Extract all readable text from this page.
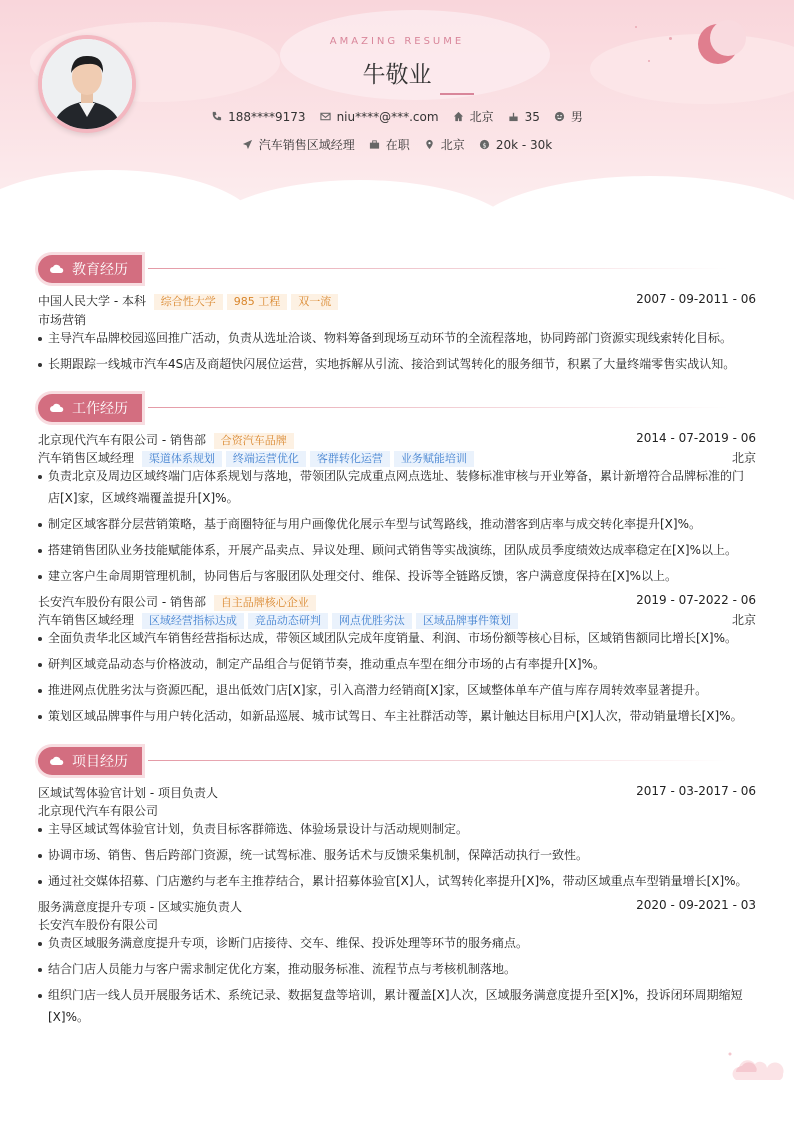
AMAZING RESUME
牛敬业
188****9173	niu****@***.com	北京	35	男
汽车销售区域经理	在职	北京 $ 20k - 30k
教育经历
中国人民大学 - 本科 综合性大学 985 工程 双一流	2007 - 09-2011 - 06
市场营销
主导汽车品牌校园巡回推广活动，负责从选址洽谈、物料筹备到现场互动环节的全流程落地，协同跨部门资源实现线索转化目标。
长期跟踪一线城市汽车4S店及商超快闪展位运营，实地拆解从引流、接洽到试驾转化的服务细节，积累了大量终端零售实战认知。
工作经历
北京现代汽车有限公司 - 销售部 合资汽车品牌	2014 - 07-2019 - 06
汽车销售区域经理 渠道体系规划 终端运营优化 客群转化运营 业务赋能培训	北京
负责北京及周边区域终端门店体系规划与落地，带领团队完成重点网点选址、装修标准审核与开业筹备，累计新增符合品牌标准的门
店[X]家，区域终端覆盖提升[X]%。
制定区域客群分层营销策略，基于商圈特征与用户画像优化展示车型与试驾路线，推动潜客到店率与成交转化率提升[X]%。
搭建销售团队业务技能赋能体系，开展产品卖点、异议处理、顾问式销售等实战演练，团队成员季度绩效达成率稳定在[X]%以上。
建立客户生命周期管理机制，协同售后与客服团队处理交付、维保、投诉等全链路反馈，客户满意度保持在[X]%以上。
长安汽车股份有限公司 - 销售部 自主品牌核心企业	2019 - 07-2022 - 06
汽车销售区域经理 区域经营指标达成 竞品动态研判 网点优胜劣汰 区域品牌事件策划	北京
全面负责华北区域汽车销售经营指标达成，带领区域团队完成年度销量、利润、市场份额等核心目标，区域销售额同比增长[X]%。
研判区域竞品动态与价格波动，制定产品组合与促销节奏，推动重点车型在细分市场的占有率提升[X]%。
推进网点优胜劣汰与资源匹配，退出低效门店[X]家，引入高潜力经销商[X]家，区域整体单车产值与库存周转效率显著提升。
策划区域品牌事件与用户转化活动，如新品巡展、城市试驾日、车主社群活动等，累计触达目标用户[X]人次，带动销量增长[X]%。
项目经历
区域试驾体验官计划 - 项目负责人	2017 - 03-2017 - 06
北京现代汽车有限公司
主导区域试驾体验官计划，负责目标客群筛选、体验场景设计与活动规则制定。
协调市场、销售、售后跨部门资源，统一试驾标准、服务话术与反馈采集机制，保障活动执行一致性。
通过社交媒体招募、门店邀约与老车主推荐结合，累计招募体验官[X]人，试驾转化率提升[X]%，带动区域重点车型销量增长[X]%。
服务满意度提升专项 - 区域实施负责人	2020 - 09-2021 - 03
长安汽车股份有限公司
负责区域服务满意度提升专项，诊断门店接待、交车、维保、投诉处理等环节的服务痛点。
结合门店人员能力与客户需求制定优化方案，推动服务标准、流程节点与考核机制落地。
组织门店一线人员开展服务话术、系统记录、数据复盘等培训，累计覆盖[X]人次，区域服务满意度提升至[X]%，投诉闭环周期缩短
[X]%。
